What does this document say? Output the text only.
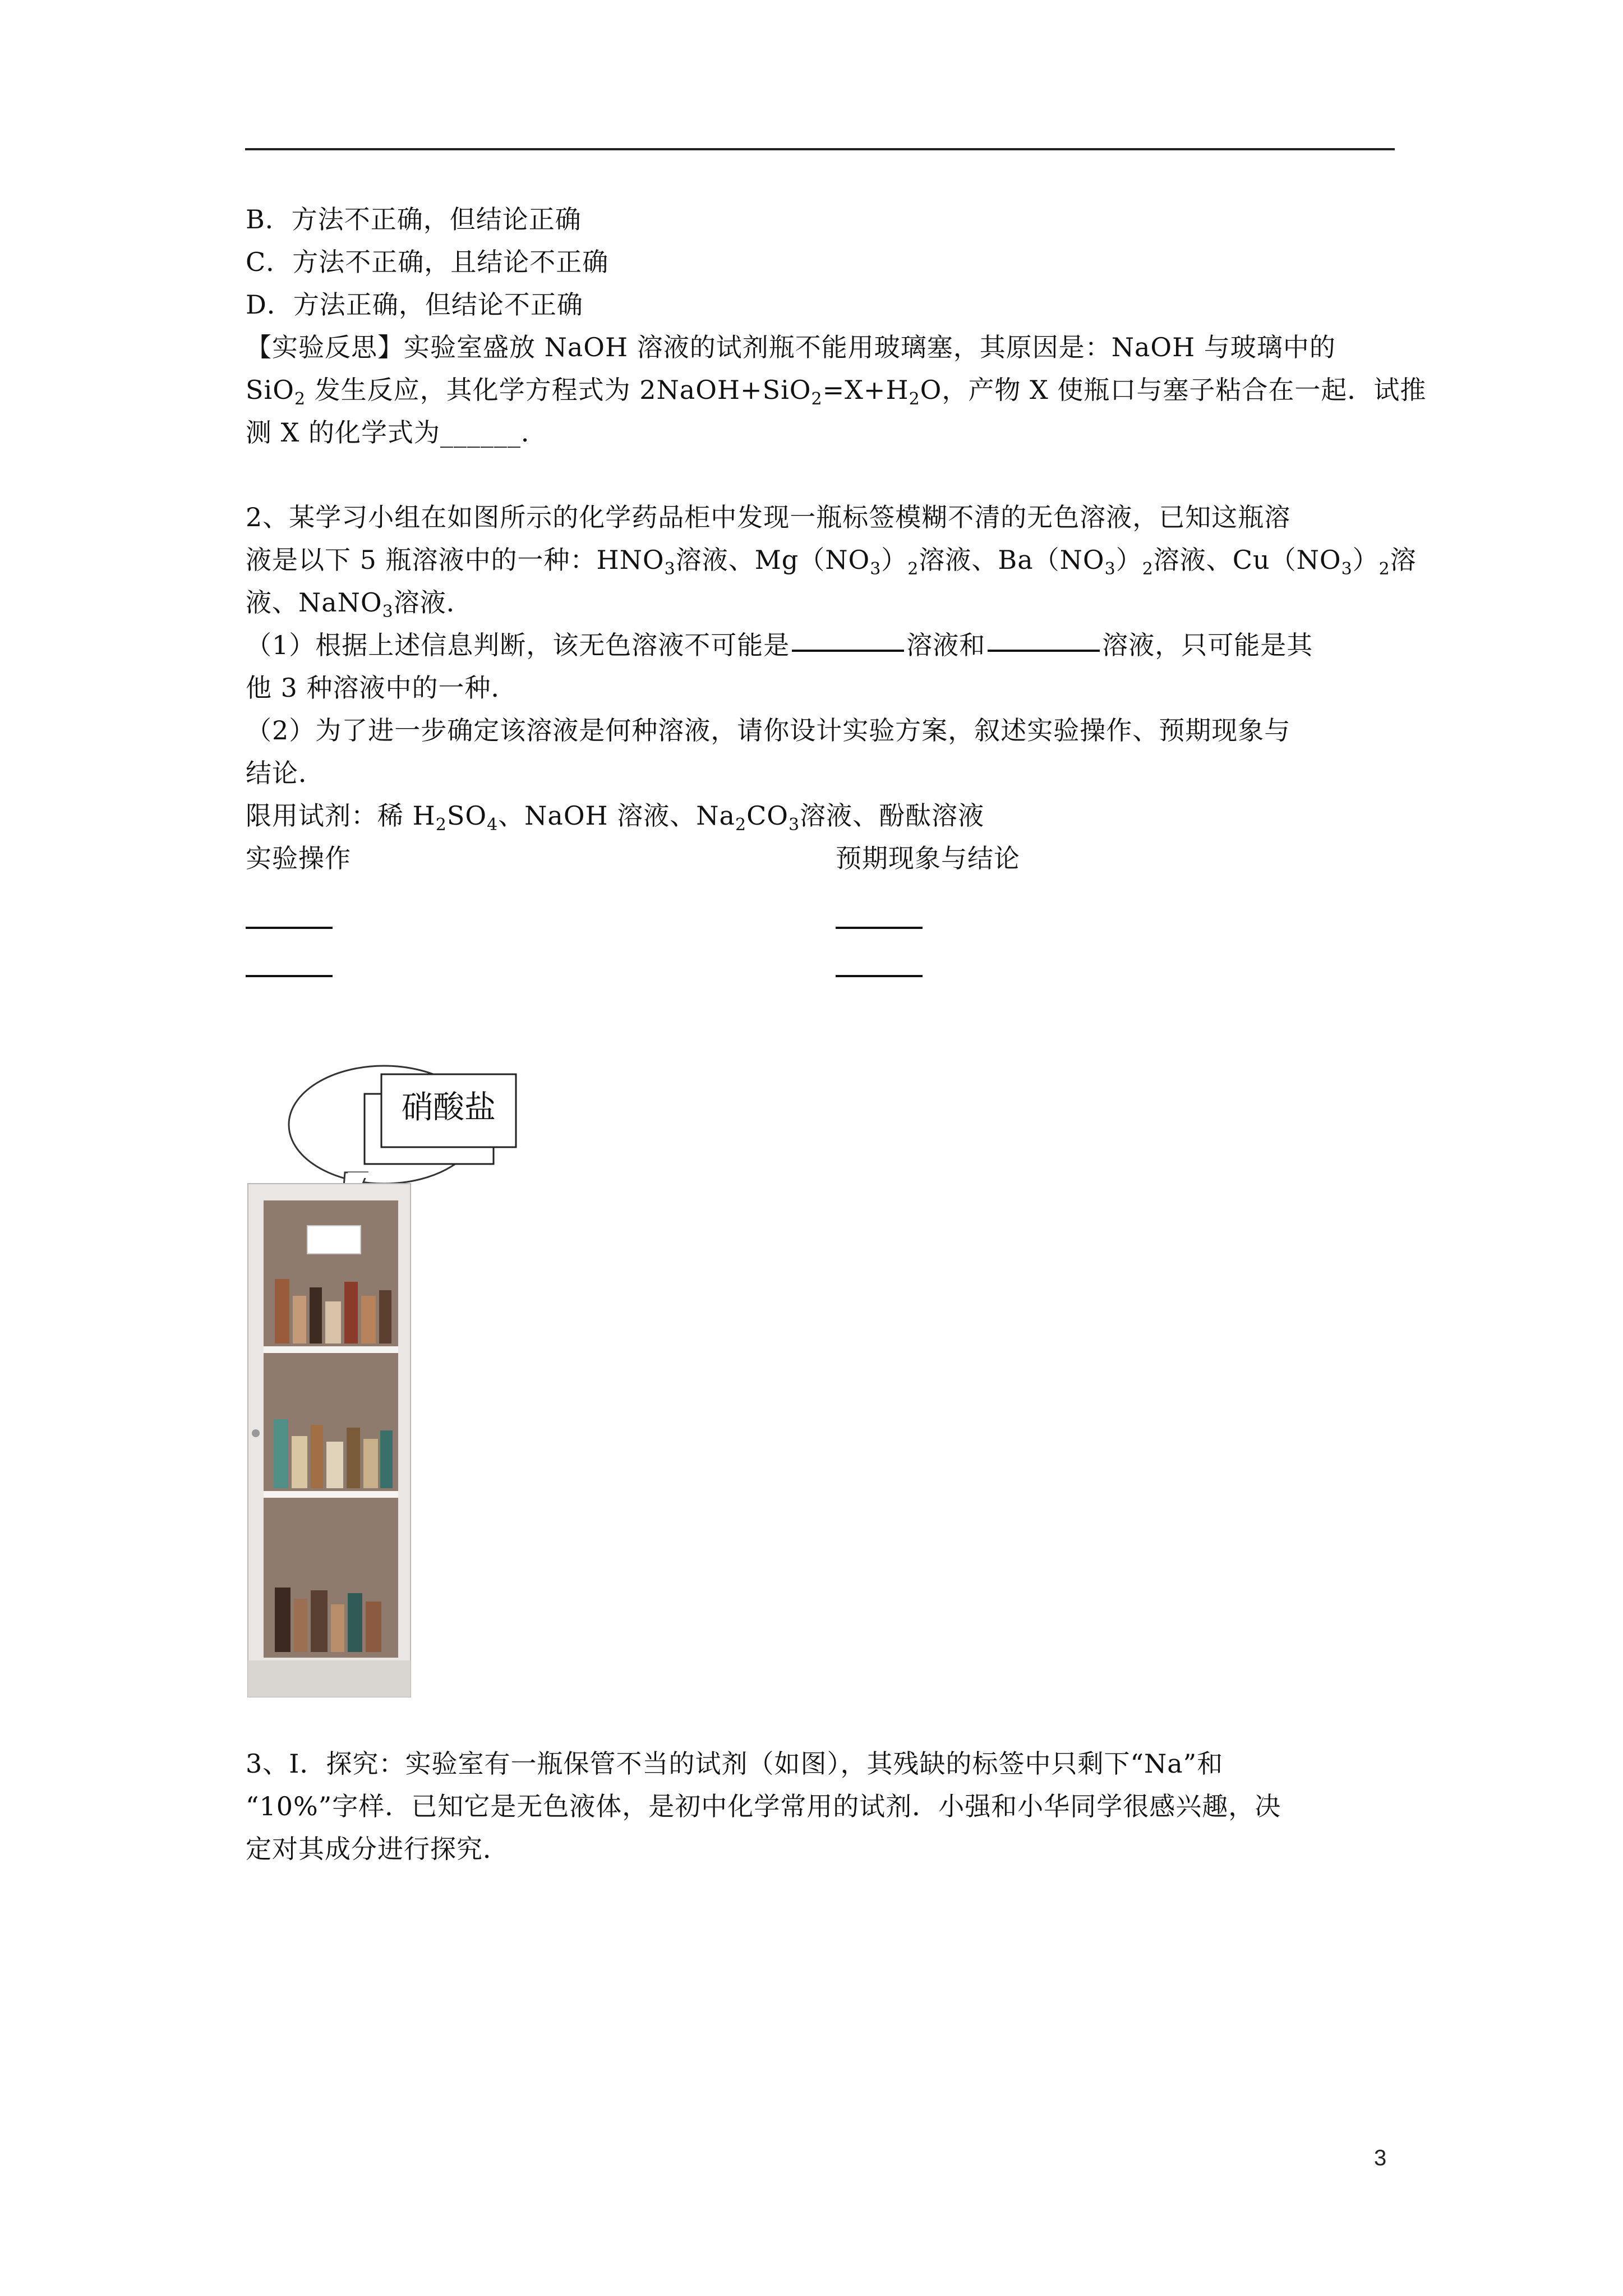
B．方法不正确，但结论正确
C．方法不正确，且结论不正确
D．方法正确，但结论不正确
【实验反思】实验室盛放 NaOH 溶液的试剂瓶不能用玻璃塞，其原因是：NaOH 与玻璃中的
SiO$_2$ 发生反应，其化学方程式为 $2NaOH+SiO_2=X+H_2O$，产物 X 使瓶口与塞子粘合在一起．试推
测 X 的化学式为______．
2、某学习小组在如图所示的化学药品柜中发现一瓶标签模糊不清的无色溶液，已知这瓶溶
液是以下 5 瓶溶液中的一种：$HNO_3$溶液、$Mg(NO_3)_2$溶液、$Ba(NO_3)_2$溶液、$Cu(NO_3)_2$溶
液、NaNO$_3$溶液．
（1）根据上述信息判断，该无色溶液不可能是	溶液和	溶液，只可能是其
他 3 种溶液中的一种．
（2）为了进一步确定该溶液是何种溶液，请你设计实验方案，叙述实验操作、预期现象与
结论．
限用试剂：稀 $H_2SO_4$、NaOH 溶液、$Na_2CO_3$溶液、酚酞溶液
实验操作	预期现象与结论
硝酸盐
3、Ⅰ．探究：实验室有一瓶保管不当的试剂（如图），其残缺的标签中只剩下“Na”和
“10%”字样．已知它是无色液体，是初中化学常用的试剂．小强和小华同学很感兴趣，决
定对其成分进行探究．
3
